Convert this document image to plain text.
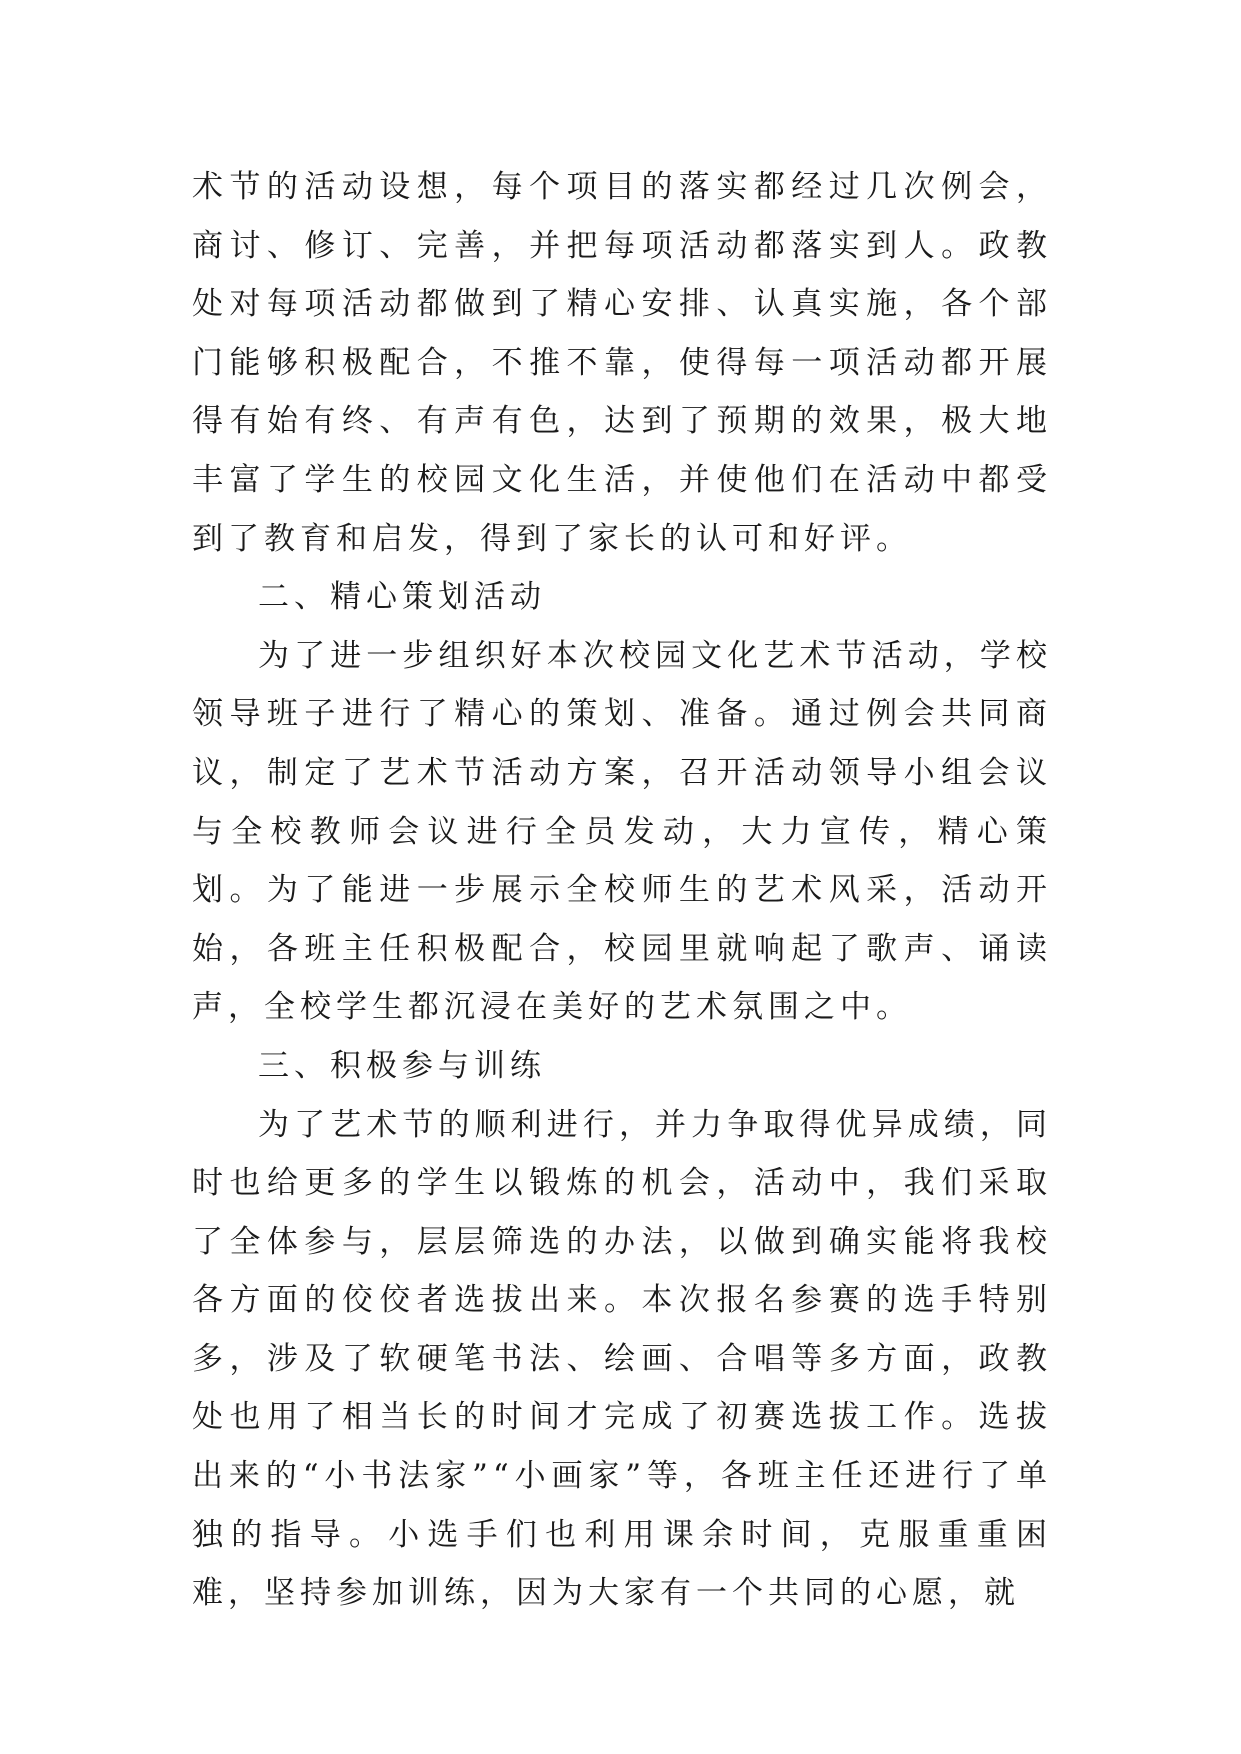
术节的活动设想，每个项目的落实都经过几次例会，商讨、修订、完善，并把每项活动都落实到人。政教处对每项活动都做到了精心安排、认真实施，各个部门能够积极配合，不推不靠，使得每一项活动都开展得有始有终、有声有色，达到了预期的效果，极大地丰富了学生的校园文化生活，并使他们在活动中都受到了教育和启发，得到了家长的认可和好评。

二、精心策划活动

为了进一步组织好本次校园文化艺术节活动，学校领导班子进行了精心的策划、准备。通过例会共同商议，制定了艺术节活动方案，召开活动领导小组会议与全校教师会议进行全员发动，大力宣传，精心策划。为了能进一步展示全校师生的艺术风采，活动开始，各班主任积极配合，校园里就响起了歌声、诵读声，全校学生都沉浸在美好的艺术氛围之中。

三、积极参与训练

为了艺术节的顺利进行，并力争取得优异成绩，同时也给更多的学生以锻炼的机会，活动中，我们采取了全体参与，层层筛选的办法，以做到确实能将我校各方面的佼佼者选拔出来。本次报名参赛的选手特别多，涉及了软硬笔书法、绘画、合唱等多方面，政教处也用了相当长的时间才完成了初赛选拔工作。选拔出来的“小书法家”“小画家”等，各班主任还进行了单独的指导。小选手们也利用课余时间，克服重重困难，坚持参加训练，因为大家有一个共同的心愿，就
